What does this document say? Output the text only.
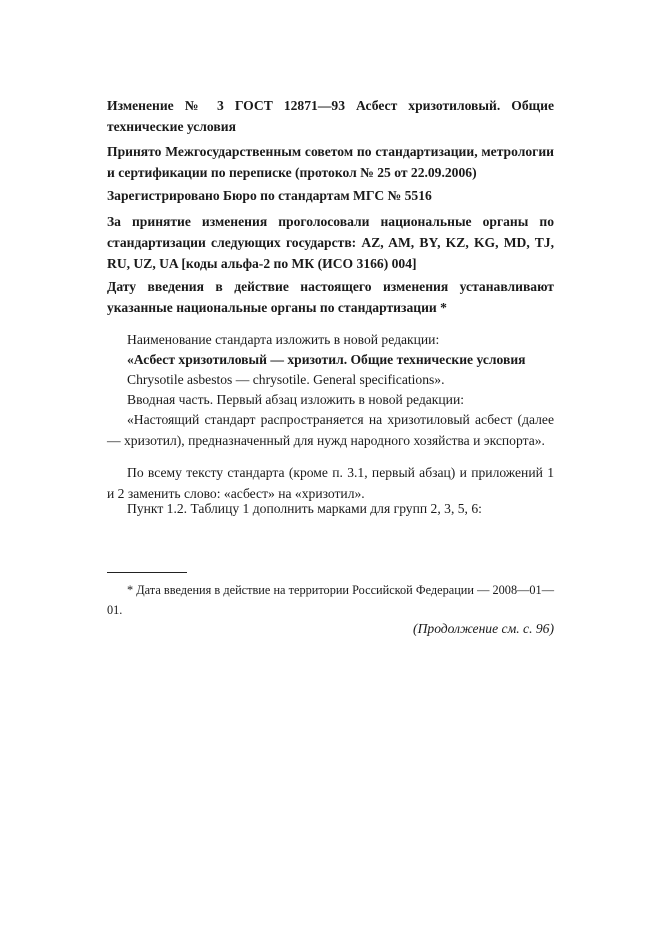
Изменение № 3 ГОСТ 12871—93 Асбест хризотиловый. Общие технические условия

Принято Межгосударственным советом по стандартизации, метрологии и сертификации по переписке (протокол № 25 от 22.09.2006)

Зарегистрировано Бюро по стандартам МГС № 5516

За принятие изменения проголосовали национальные органы по стандартизации следующих государств: AZ, AM, BY, KZ, KG, MD, TJ, RU, UZ, UA [коды альфа-2 по МК (ИСО 3166) 004]

Дату введения в действие настоящего изменения устанавливают указанные национальные органы по стандартизации *

Наименование стандарта изложить в новой редакции:

«Асбест хризотиловый — хризотил. Общие технические условия

Chrysotile asbestos — chrysotile. General specifications».

Вводная часть. Первый абзац изложить в новой редакции:

«Настоящий стандарт распространяется на хризотиловый асбест (далее — хризотил), предназначенный для нужд народного хозяйства и экспорта».

По всему тексту стандарта (кроме п. 3.1, первый абзац) и приложений 1 и 2 заменить слово: «асбест» на «хризотил».

Пункт 1.2. Таблицу 1 дополнить марками для групп 2, 3, 5, 6:

* Дата введения в действие на территории Российской Федерации — 2008—01—01.

(Продолжение см. с. 96)
